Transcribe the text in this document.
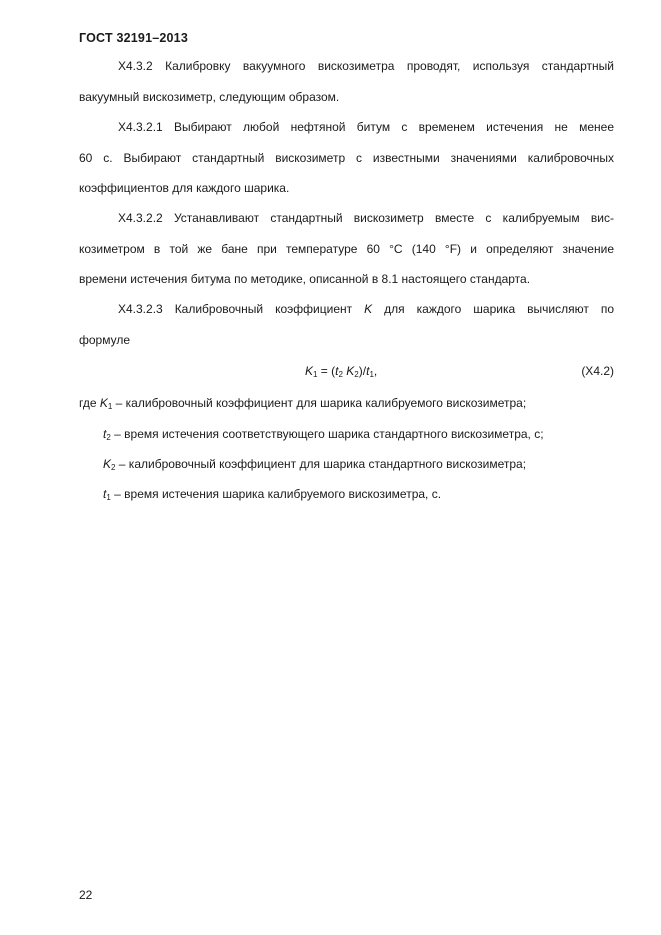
ГОСТ 32191–2013
X4.3.2 Калибровку вакуумного вискозиметра проводят, используя стандартный
вакуумный вискозиметр, следующим образом.
X4.3.2.1 Выбирают любой нефтяной битум с временем истечения не менее
60 с. Выбирают стандартный вискозиметр с известными значениями калибровочных
коэффициентов для каждого шарика.
X4.3.2.2 Устанавливают стандартный вискозиметр вместе с калибруемым вис-
козиметром в той же бане при температуре 60 °С (140 °F) и определяют значение
времени истечения битума по методике, описанной в 8.1 настоящего стандарта.
X4.3.2.3 Калибровочный коэффициент K для каждого шарика вычисляют по
формуле
$K_1 = (t_2$ $K_2)/t_1$,	(X4.2)
где $K_1$ – калибровочный коэффициент для шарика калибруемого вискозиметра;
$t_2$ – время истечения соответствующего шарика стандартного вискозиметра, с;
$K_2$ – калибровочный коэффициент для шарика стандартного вискозиметра;
$t_1$ – время истечения шарика калибруемого вискозиметра, с.
22
